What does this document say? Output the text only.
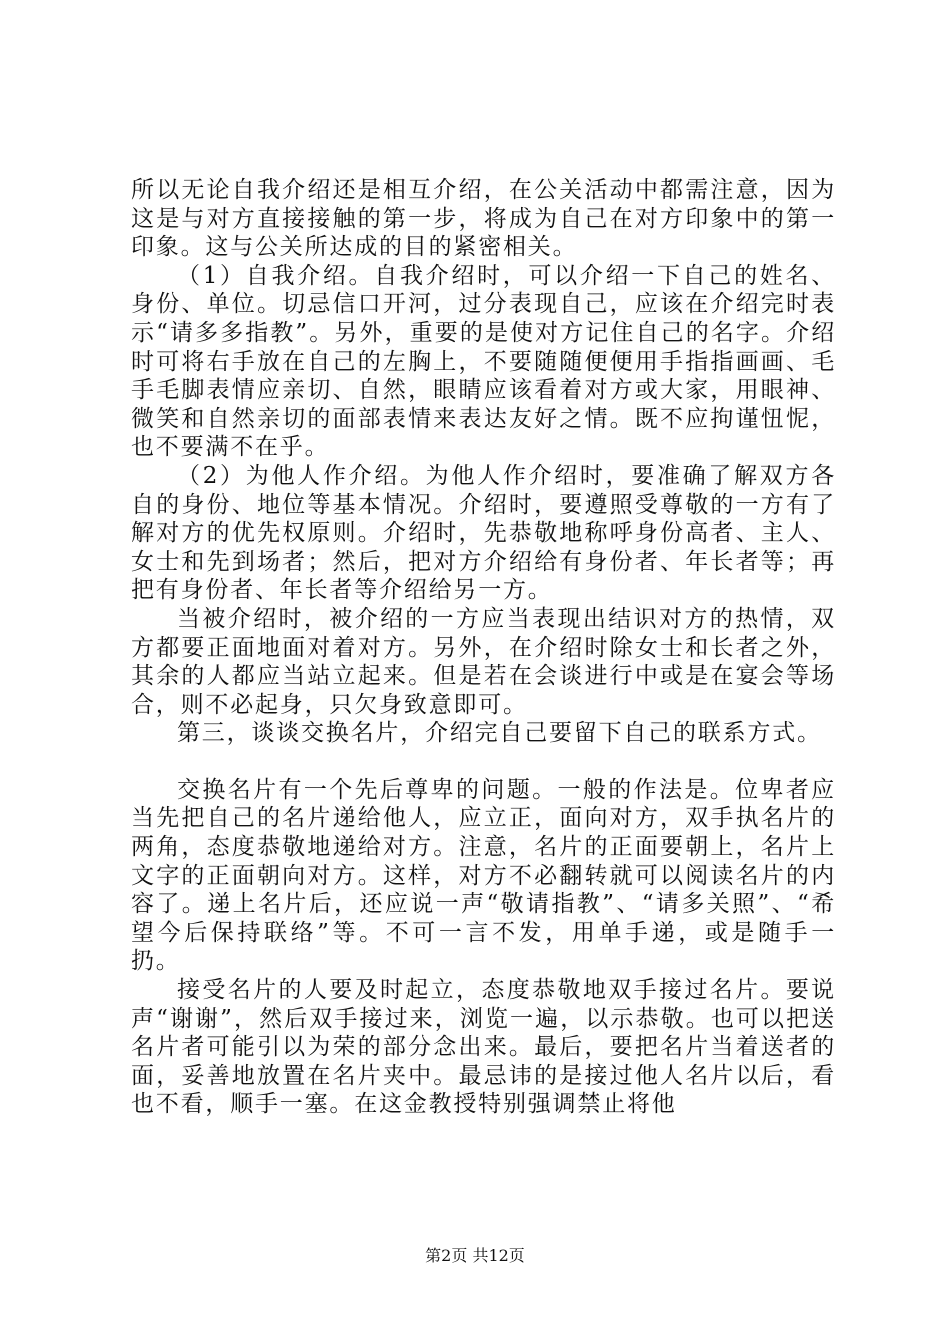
所以无论自我介绍还是相互介绍，在公关活动中都需注意，因为这是与对方直接接触的第一步，将成为自己在对方印象中的第一印象。这与公关所达成的目的紧密相关。

（1）自我介绍。自我介绍时，可以介绍一下自己的姓名、身份、单位。切忌信口开河，过分表现自己，应该在介绍完时表示“请多多指教”。另外，重要的是使对方记住自己的名字。介绍时可将右手放在自己的左胸上，不要随随便便用手指指画画、毛手毛脚表情应亲切、自然，眼睛应该看着对方或大家，用眼神、微笑和自然亲切的面部表情来表达友好之情。既不应拘谨忸怩，也不要满不在乎。

（2）为他人作介绍。为他人作介绍时，要准确了解双方各自的身份、地位等基本情况。介绍时，要遵照受尊敬的一方有了解对方的优先权原则。介绍时，先恭敬地称呼身份高者、主人、女士和先到场者；然后，把对方介绍给有身份者、年长者等；再把有身份者、年长者等介绍给另一方。

当被介绍时，被介绍的一方应当表现出结识对方的热情，双方都要正面地面对着对方。另外，在介绍时除女士和长者之外，其余的人都应当站立起来。但是若在会谈进行中或是在宴会等场合，则不必起身，只欠身致意即可。

第三，谈谈交换名片，介绍完自己要留下自己的联系方式。

交换名片有一个先后尊卑的问题。一般的作法是。位卑者应当先把自己的名片递给他人，应立正，面向对方，双手执名片的两角，态度恭敬地递给对方。注意，名片的正面要朝上，名片上文字的正面朝向对方。这样，对方不必翻转就可以阅读名片的内容了。递上名片后，还应说一声“敬请指教”、“请多关照”、“希望今后保持联络”等。不可一言不发，用单手递，或是随手一扔。

接受名片的人要及时起立，态度恭敬地双手接过名片。要说声“谢谢”，然后双手接过来，浏览一遍，以示恭敬。也可以把送名片者可能引以为荣的部分念出来。最后，要把名片当着送者的面，妥善地放置在名片夹中。最忌讳的是接过他人名片以后，看也不看，顺手一塞。在这金教授特别强调禁止将他

第2页 共12页
